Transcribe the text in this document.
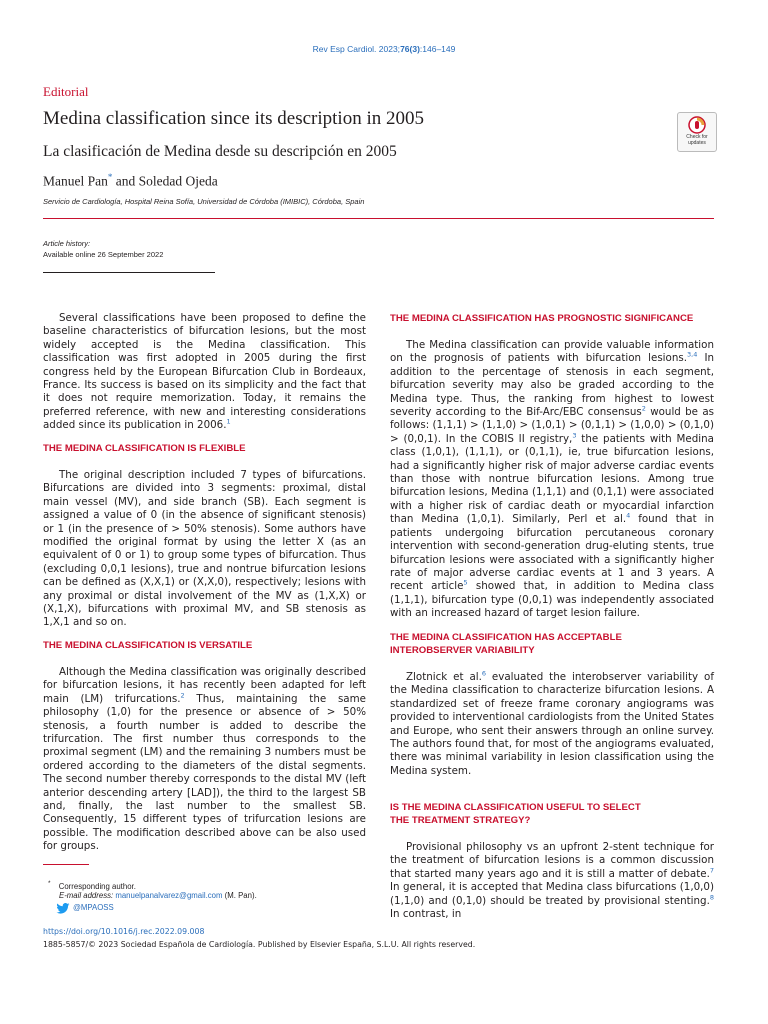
Rev Esp Cardiol. 2023;76(3):146–149
Editorial
Medina classification since its description in 2005
La clasificación de Medina desde su descripción en 2005
Manuel Pan* and Soledad Ojeda
Servicio de Cardiología, Hospital Reina Sofía, Universidad de Córdoba (IMIBIC), Córdoba, Spain
Check for updates
Article history:
Available online 26 September 2022

Several classifications have been proposed to define the baseline characteristics of bifurcation lesions, but the most widely accepted is the Medina classification. This classification was first adopted in 2005 during the first congress held by the European Bifurcation Club in Bordeaux, France. Its success is based on its simplicity and the fact that it does not require memorization. Today, it remains the preferred reference, with new and interesting considerations added since its publication in 2006.$^1$

THE MEDINA CLASSIFICATION IS FLEXIBLE

The original description included 7 types of bifurcations. Bifurcations are divided into 3 segments: proximal, distal main vessel (MV), and side branch (SB). Each segment is assigned a value of 0 (in the absence of significant stenosis) or 1 (in the presence of > 50% stenosis). Some authors have modified the original format by using the letter X (as an equivalent of 0 or 1) to group some types of bifurcation. Thus (excluding 0,0,1 lesions), true and nontrue bifurcation lesions can be defined as (X,X,1) or (X,X,0), respectively; lesions with any proximal or distal involvement of the MV as (1,X,X) or (X,1,X), bifurcations with proximal MV, and SB stenosis as 1,X,1 and so on.

THE MEDINA CLASSIFICATION IS VERSATILE

Although the Medina classification was originally described for bifurcation lesions, it has recently been adapted for left main (LM) trifurcations.$^2$ Thus, maintaining the same philosophy (1,0) for the presence or absence of > 50% stenosis, a fourth number is added to describe the trifurcation. The first number thus corresponds to the proximal segment (LM) and the remaining 3 numbers must be ordered according to the diameters of the distal segments. The second number thereby corresponds to the distal MV (left anterior descending artery [LAD]), the third to the largest SB and, finally, the last number to the smallest SB. Consequently, 15 different types of trifurcation lesions are possible. The modification described above can be also used for groups.

THE MEDINA CLASSIFICATION HAS PROGNOSTIC SIGNIFICANCE

The Medina classification can provide valuable information on the prognosis of patients with bifurcation lesions.$^{3,4}$ In addition to the percentage of stenosis in each segment, bifurcation severity may also be graded according to the Medina type. Thus, the ranking from highest to lowest severity according to the Bif-Arc/EBC consensus$^2$ would be as follows: (1,1,1) > (1,1,0) > (1,0,1) > (0,1,1) > (1,0,0) > (0,1,0) > (0,0,1). In the COBIS II registry,$^3$ the patients with Medina class (1,0,1), (1,1,1), or (0,1,1), ie, true bifurcation lesions, had a significantly higher risk of major adverse cardiac events than those with nontrue bifurcation lesions. Among true bifurcation lesions, Medina (1,1,1) and (0,1,1) were associated with a higher risk of cardiac death or myocardial infarction than Medina (1,0,1). Similarly, Perl et al.$^4$ found that in patients undergoing bifurcation percutaneous coronary intervention with second-generation drug-eluting stents, true bifurcation lesions were associated with a significantly higher rate of major adverse cardiac events at 1 and 3 years. A recent article$^5$ showed that, in addition to Medina class (1,1,1), bifurcation type (0,0,1) was independently associated with an increased hazard of target lesion failure.

THE MEDINA CLASSIFICATION HAS ACCEPTABLE
INTEROBSERVER VARIABILITY

Zlotnick et al.$^6$ evaluated the interobserver variability of the Medina classification to characterize bifurcation lesions. A standardized set of freeze frame coronary angiograms was provided to interventional cardiologists from the United States and Europe, who sent their answers through an online survey. The authors found that, for most of the angiograms evaluated, there was minimal variability in lesion classification using the Medina system.

IS THE MEDINA CLASSIFICATION USEFUL TO SELECT
THE TREATMENT STRATEGY?

Provisional philosophy vs an upfront 2-stent technique for the treatment of bifurcation lesions is a common discussion that started many years ago and it is still a matter of debate.$^7$ In general, it is accepted that Medina class bifurcations (1,0,0) (1,1,0) and (0,1,0) should be treated by provisional stenting.$^8$ In contrast, in

* Corresponding author.
E-mail address: manuelpanalvarez@gmail.com (M. Pan).
@MPAOSS
https://doi.org/10.1016/j.rec.2022.09.008
1885-5857/© 2023 Sociedad Española de Cardiología. Published by Elsevier España, S.L.U. All rights reserved.
